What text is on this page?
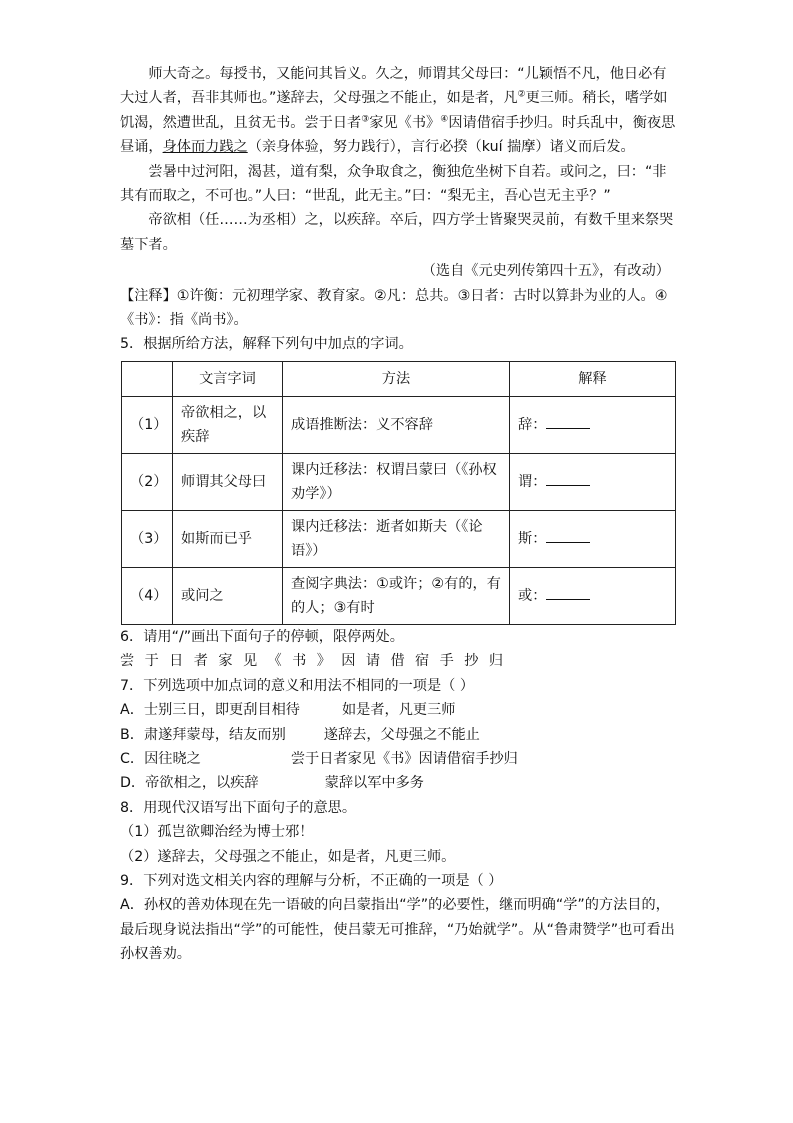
师大奇之。每授书，又能问其旨义。久之，师谓其父母曰：“儿颖悟不凡，他日必有大过人者，吾非其师也。”遂辞去，父母强之不能止，如是者，凡②更三师。稍长，嗜学如饥渴，然遭世乱，且贫无书。尝于日者③家见《书》④因请借宿手抄归。时兵乱中，衡夜思昼诵，身体而力践之（亲身体验，努力践行），言行必揆（kuí 揣摩）诸义而后发。

尝暑中过河阳，渴甚，道有梨，众争取食之，衡独危坐树下自若。或问之，曰：“非其有而取之，不可也。”人曰：“世乱，此无主。”曰：“梨无主，吾心岂无主乎？”

帝欲相（任……为丞相）之，以疾辞。卒后，四方学士皆聚哭灵前，有数千里来祭哭墓下者。

（选自《元史列传第四十五》，有改动）

【注释】①许衡：元初理学家、教育家。②凡：总共。③日者：古时以算卦为业的人。④《书》：指《尚书》。

5．根据所给方法，解释下列句中加点的字词。

	文言字词	方法	解释
（1）	帝欲相之，以疾辞	成语推断法：义不容辞	辞：
（2）	师谓其父母曰	课内迁移法：权谓吕蒙曰（《孙权劝学》）	谓：
（3）	如斯而已乎	课内迁移法：逝者如斯夫（《论语》）	斯：
（4）	或问之	查阅字典法：①或许；②有的，有的人；③有时	或：

6．请用“/”画出下面句子的停顿，限停两处。

尝于日者家见《书》因请借宿手抄归

7．下列选项中加点词的意义和用法不相同的一项是（ ）

A．士别三日，即更刮目相待	如是者，凡更三师

B．肃遂拜蒙母，结友而别	遂辞去，父母强之不能止

C．因往晓之	尝于日者家见《书》因请借宿手抄归

D．帝欲相之，以疾辞	蒙辞以军中多务

8．用现代汉语写出下面句子的意思。

（1）孤岂欲卿治经为博士邪！

（2）遂辞去，父母强之不能止，如是者，凡更三师。

9．下列对选文相关内容的理解与分析，不正确的一项是（ ）

A．孙权的善劝体现在先一语破的向吕蒙指出“学”的必要性，继而明确“学”的方法目的，最后现身说法指出“学”的可能性，使吕蒙无可推辞，“乃始就学”。从“鲁肃赞学”也可看出孙权善劝。
